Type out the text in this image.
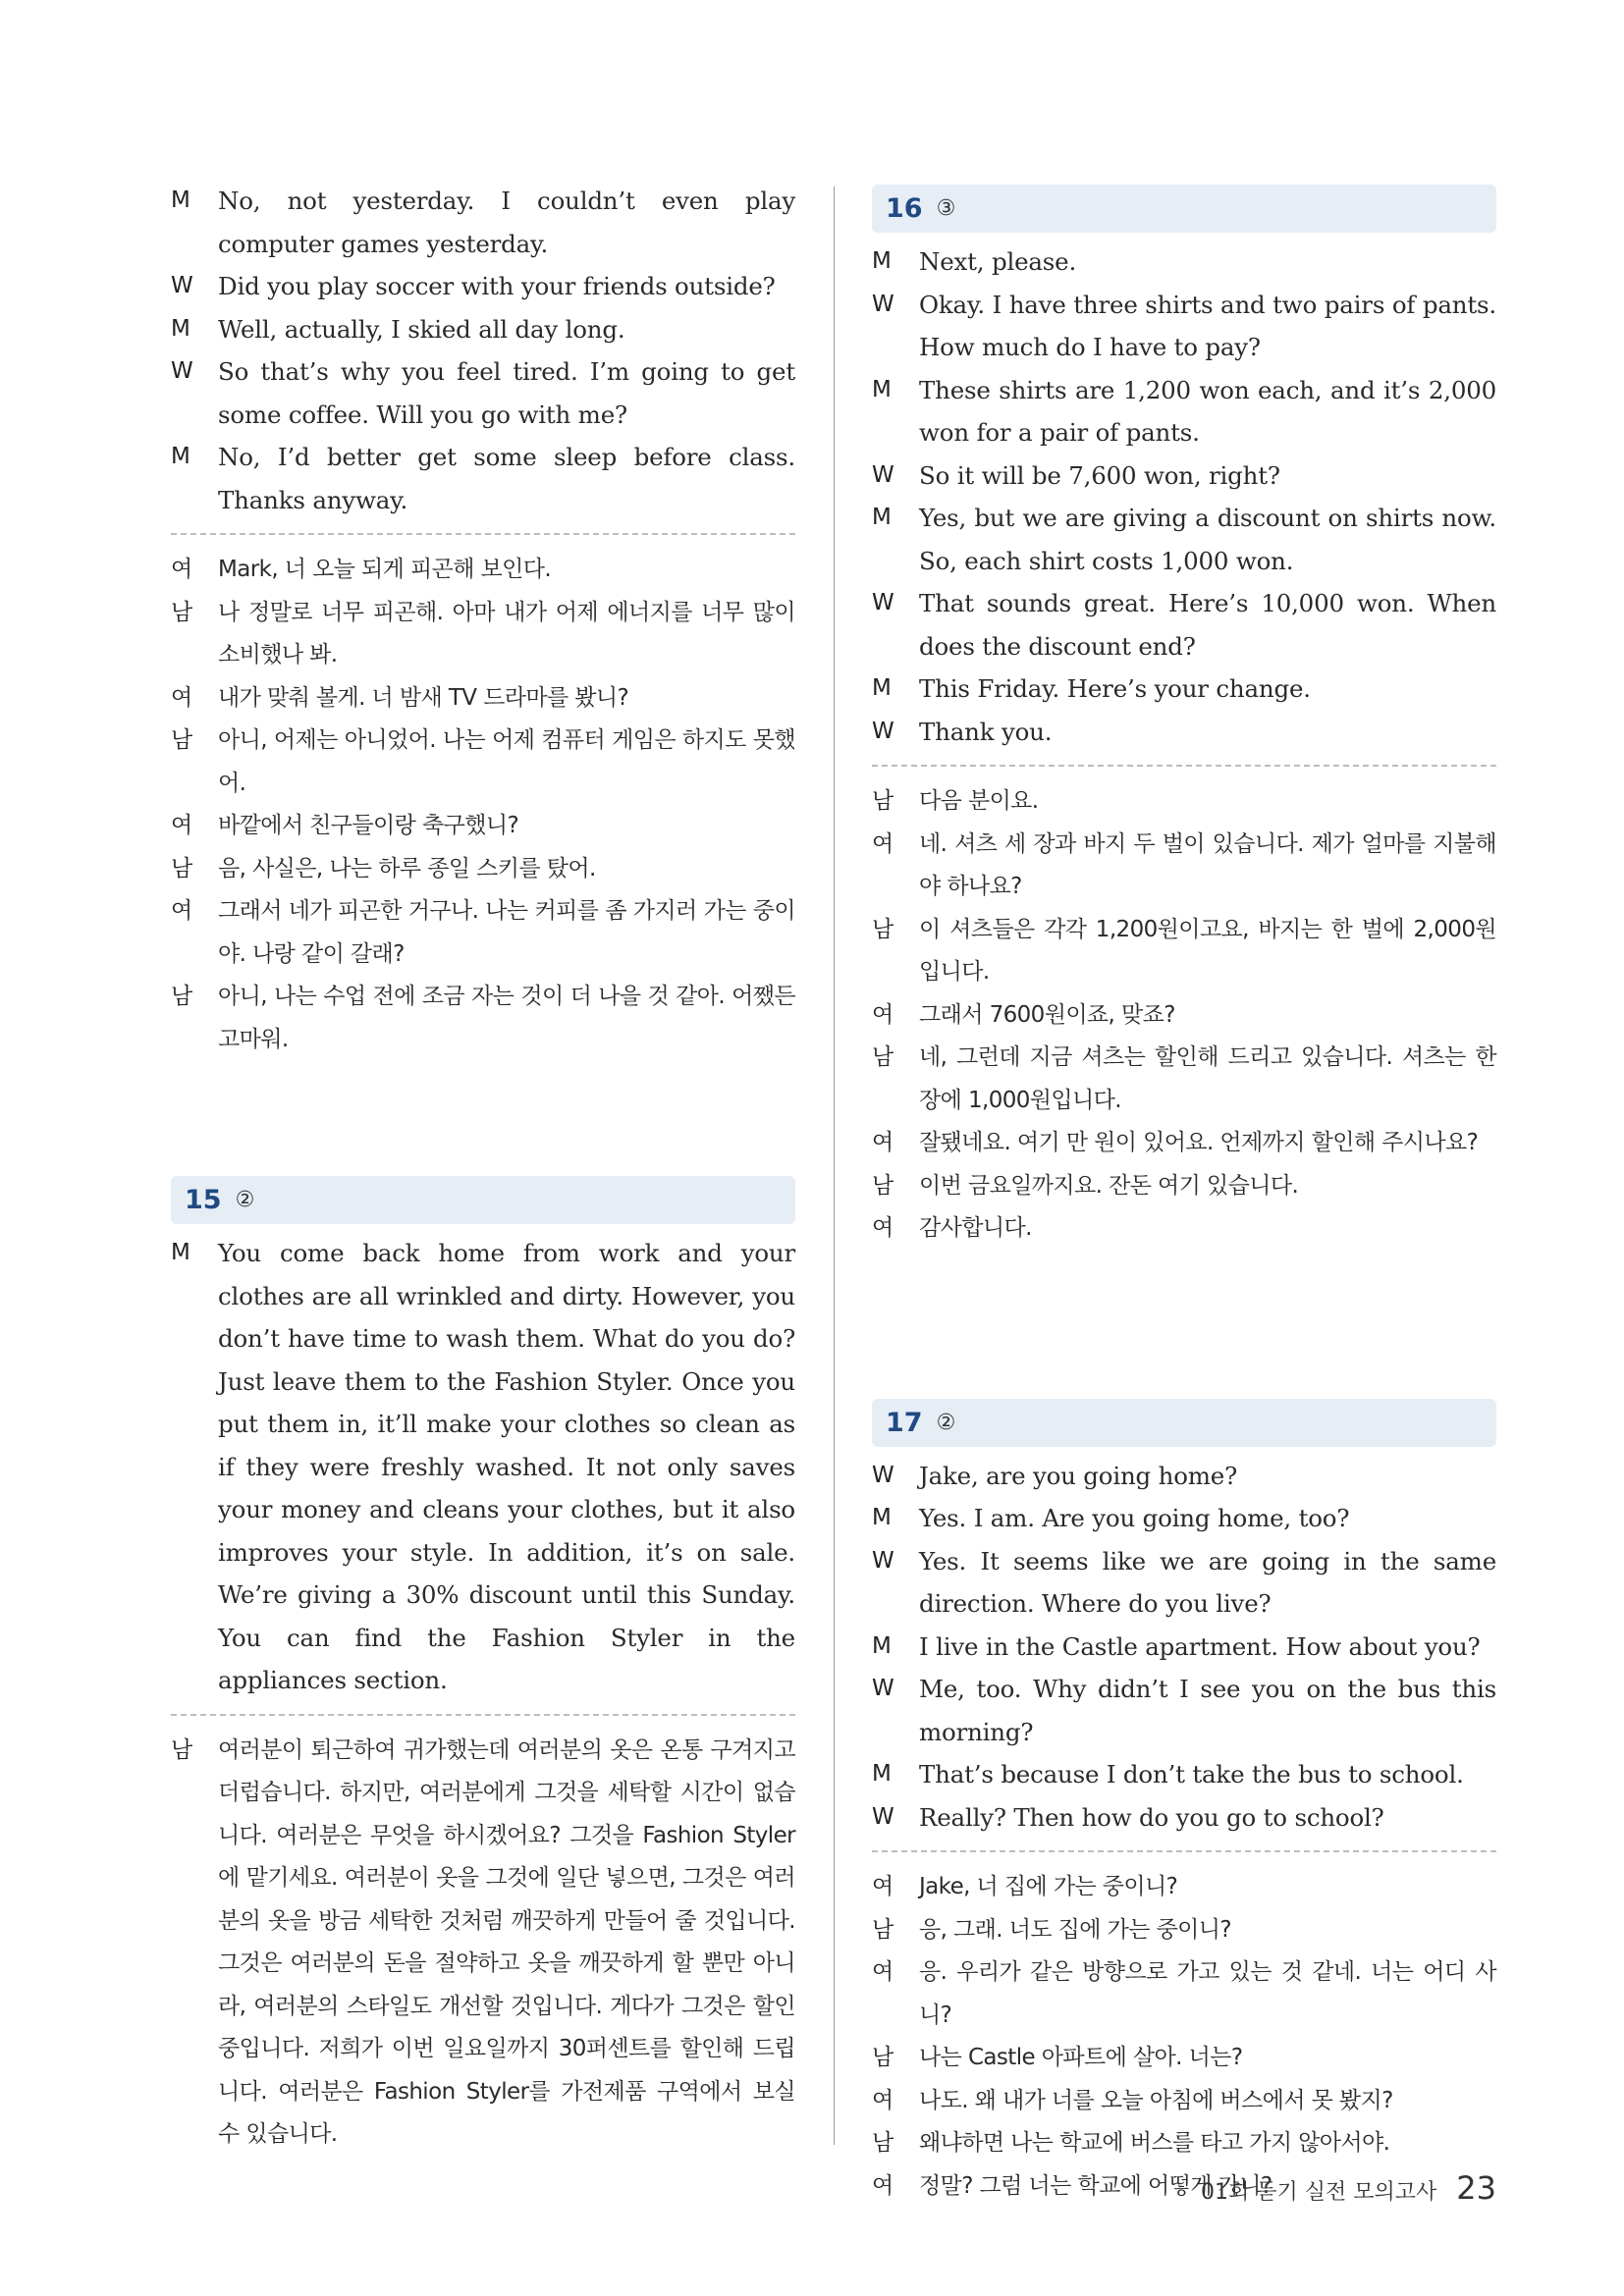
M	No, not yesterday. I couldn’t even play computer games yesterday.
W	Did you play soccer with your friends outside?
M	Well, actually, I skied all day long.
W	So that’s why you feel tired. I’m going to get some coffee. Will you go with me?
M	No, I’d better get some sleep before class. Thanks anyway.
여	Mark, 너 오늘 되게 피곤해 보인다.
남	나 정말로 너무 피곤해. 아마 내가 어제 에너지를 너무 많이 소비했나 봐.
여	내가 맞춰 볼게. 너 밤새 TV 드라마를 봤니?
남	아니, 어제는 아니었어. 나는 어제 컴퓨터 게임은 하지도 못했어.
여	바깥에서 친구들이랑 축구했니?
남	음, 사실은, 나는 하루 종일 스키를 탔어.
여	그래서 네가 피곤한 거구나. 나는 커피를 좀 가지러 가는 중이야. 나랑 같이 갈래?
남	아니, 나는 수업 전에 조금 자는 것이 더 나을 것 같아. 어쨌든 고마워.
15 ②
M	You come back home from work and your clothes are all wrinkled and dirty. However, you don’t have time to wash them. What do you do? Just leave them to the Fashion Styler. Once you put them in, it’ll make your clothes so clean as if they were freshly washed. It not only saves your money and cleans your clothes, but it also improves your style. In addition, it’s on sale. We’re giving a 30% discount until this Sunday. You can find the Fashion Styler in the appliances section.
남	여러분이 퇴근하여 귀가했는데 여러분의 옷은 온통 구겨지고 더럽습니다. 하지만, 여러분에게 그것을 세탁할 시간이 없습니다. 여러분은 무엇을 하시겠어요? 그것을 Fashion Styler에 맡기세요. 여러분이 옷을 그것에 일단 넣으면, 그것은 여러분의 옷을 방금 세탁한 것처럼 깨끗하게 만들어 줄 것입니다. 그것은 여러분의 돈을 절약하고 옷을 깨끗하게 할 뿐만 아니라, 여러분의 스타일도 개선할 것입니다. 게다가 그것은 할인 중입니다. 저희가 이번 일요일까지 30퍼센트를 할인해 드립니다. 여러분은 Fashion Styler를 가전제품 구역에서 보실 수 있습니다.
16 ③
M	Next, please.
W	Okay. I have three shirts and two pairs of pants. How much do I have to pay?
M	These shirts are 1,200 won each, and it’s 2,000 won for a pair of pants.
W	So it will be 7,600 won, right?
M	Yes, but we are giving a discount on shirts now. So, each shirt costs 1,000 won.
W	That sounds great. Here’s 10,000 won. When does the discount end?
M	This Friday. Here’s your change.
W	Thank you.
남	다음 분이요.
여	네. 셔츠 세 장과 바지 두 벌이 있습니다. 제가 얼마를 지불해야 하나요?
남	이 셔츠들은 각각 1,200원이고요, 바지는 한 벌에 2,000원입니다.
여	그래서 7600원이죠, 맞죠?
남	네, 그런데 지금 셔츠는 할인해 드리고 있습니다. 셔츠는 한 장에 1,000원입니다.
여	잘됐네요. 여기 만 원이 있어요. 언제까지 할인해 주시나요?
남	이번 금요일까지요. 잔돈 여기 있습니다.
여	감사합니다.
17 ②
W	Jake, are you going home?
M	Yes. I am. Are you going home, too?
W	Yes. It seems like we are going in the same direction. Where do you live?
M	I live in the Castle apartment. How about you?
W	Me, too. Why didn’t I see you on the bus this morning?
M	That’s because I don’t take the bus to school.
W	Really? Then how do you go to school?
여	Jake, 너 집에 가는 중이니?
남	응, 그래. 너도 집에 가는 중이니?
여	응. 우리가 같은 방향으로 가고 있는 것 같네. 너는 어디 사니?
남	나는 Castle 아파트에 살아. 너는?
여	나도. 왜 내가 너를 오늘 아침에 버스에서 못 봤지?
남	왜냐하면 나는 학교에 버스를 타고 가지 않아서야.
여	정말? 그럼 너는 학교에 어떻게 가니?
01회 듣기 실전 모의고사 23
